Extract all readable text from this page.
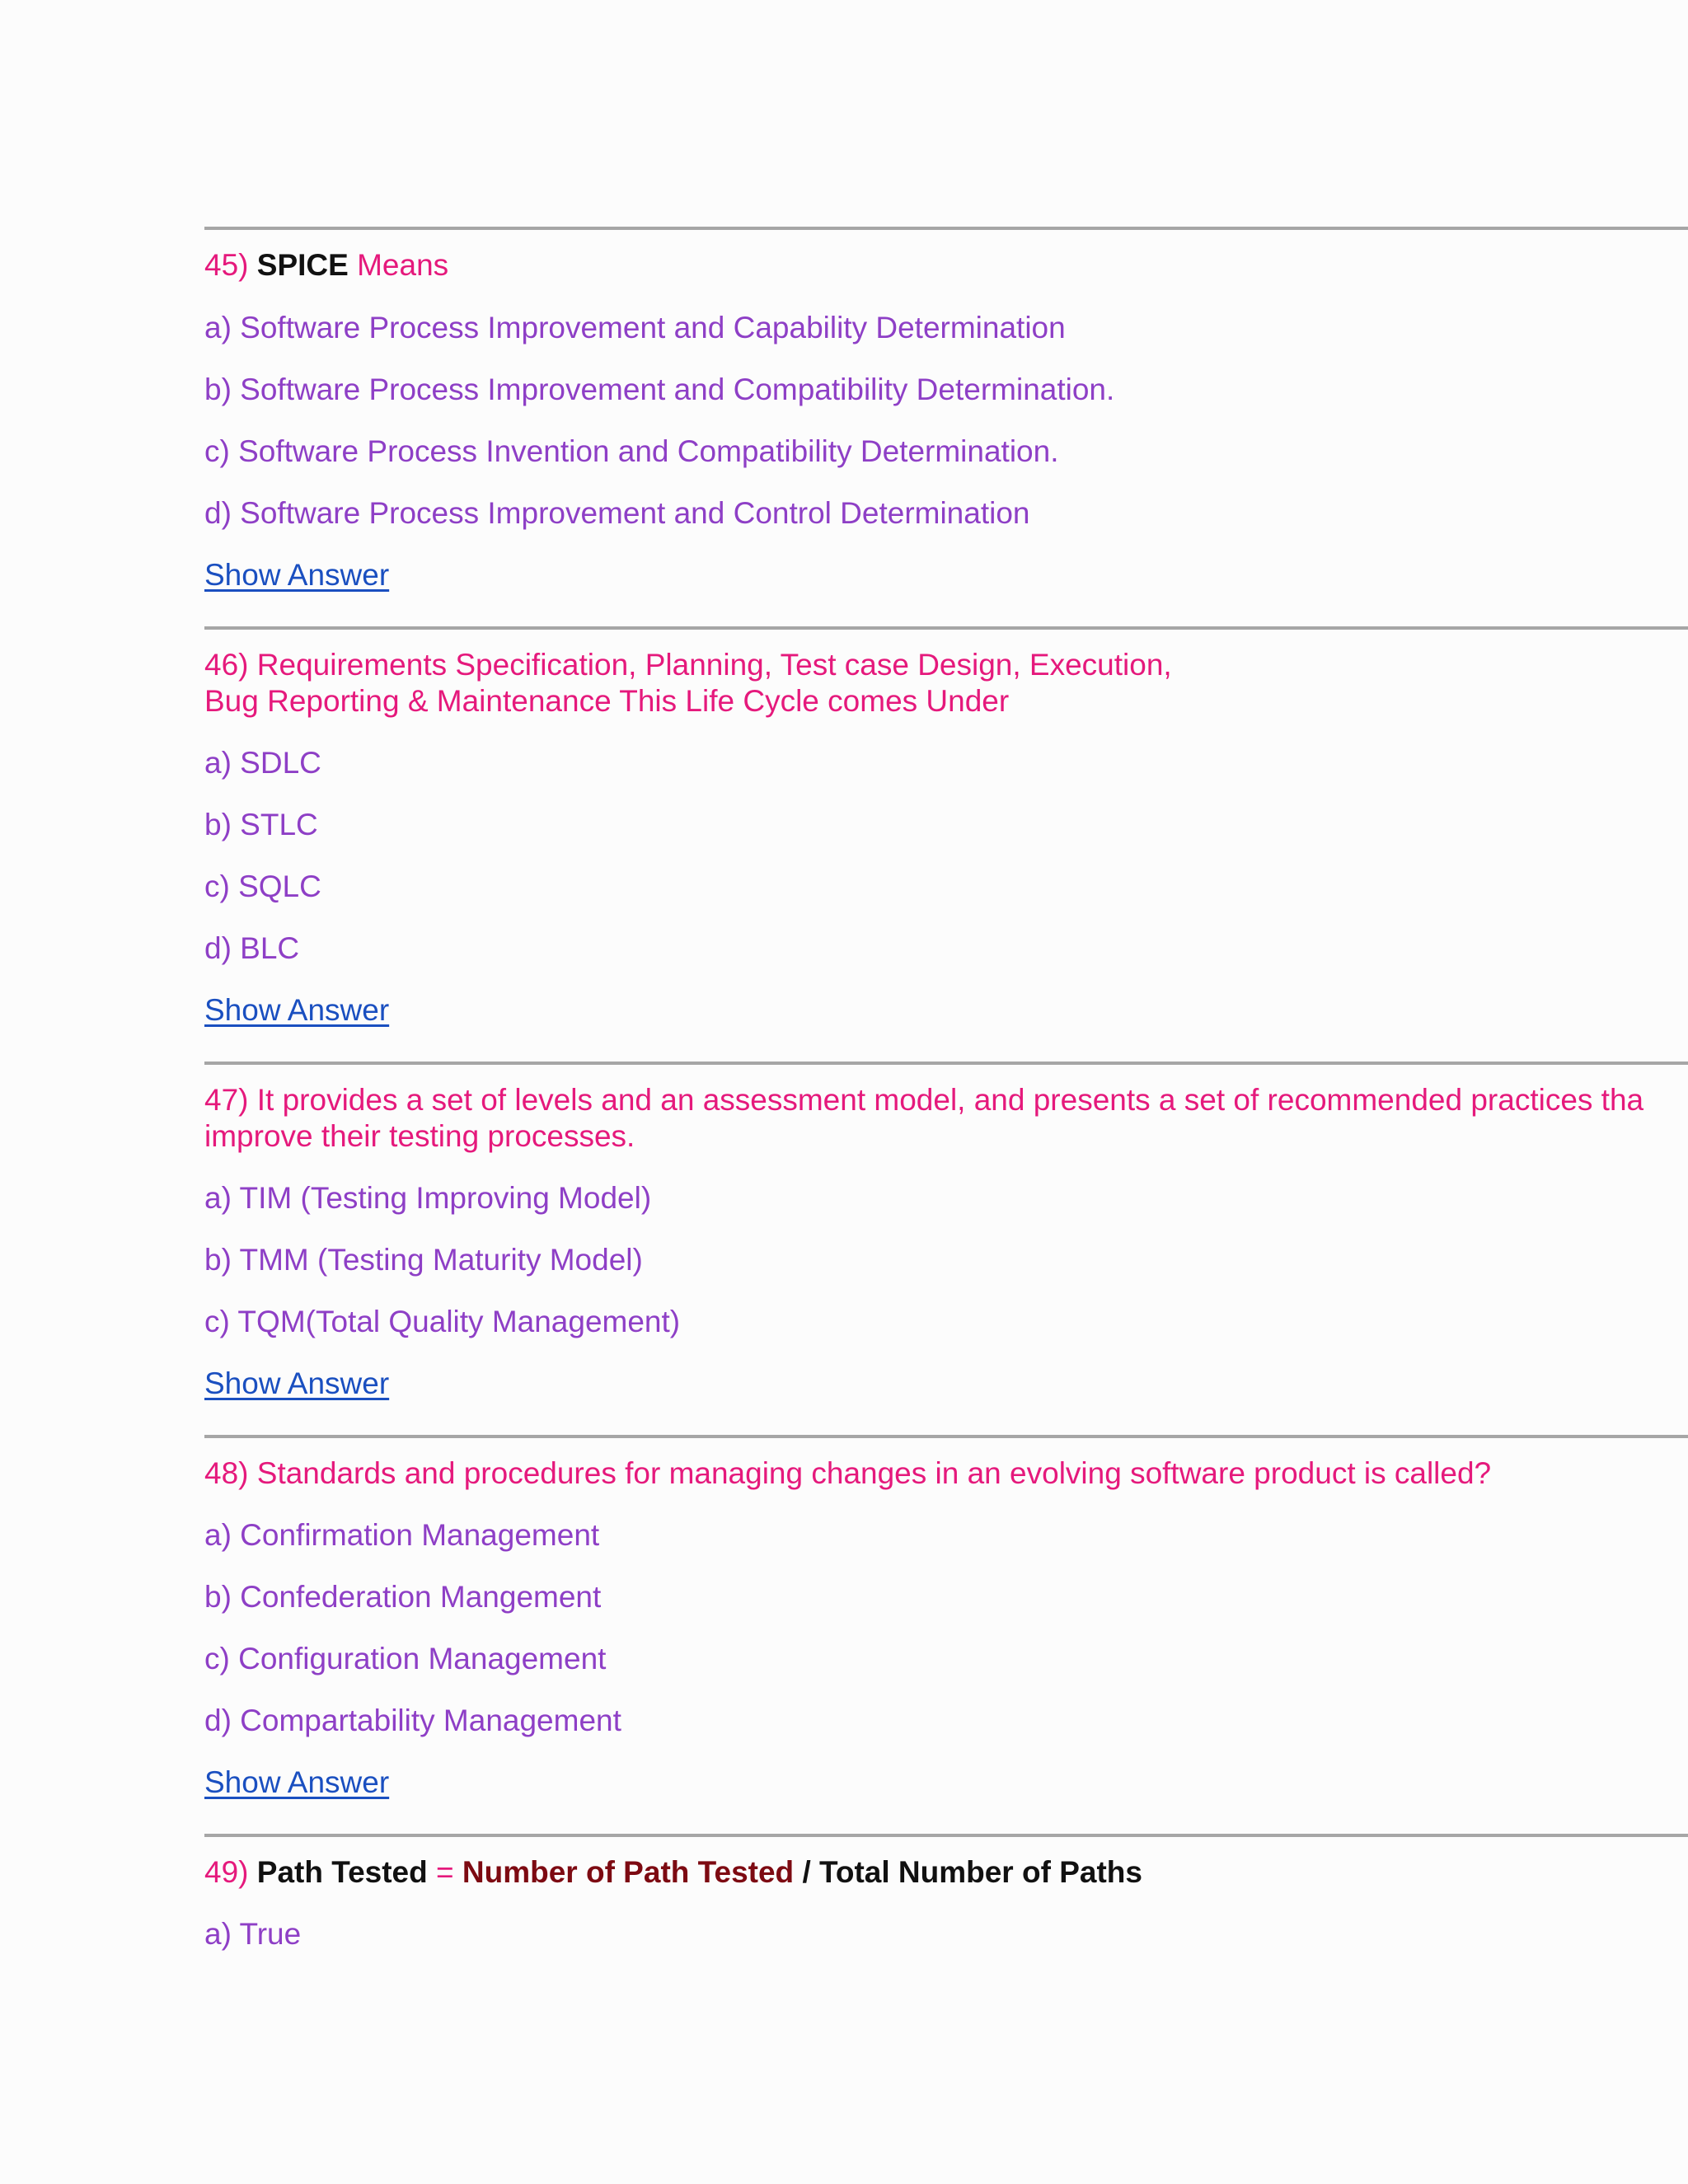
45) SPICE Means
a) Software Process Improvement and Capability Determination
b) Software Process Improvement and Compatibility Determination.
c) Software Process Invention and Compatibility Determination.
d) Software Process Improvement and Control Determination
Show Answer
46) Requirements Specification, Planning, Test case Design, Execution,
Bug Reporting & Maintenance This Life Cycle comes Under
a) SDLC
b) STLC
c) SQLC
d) BLC
Show Answer
47) It provides a set of levels and an assessment model, and presents a set of recommended practices tha
improve their testing processes.
a) TIM (Testing Improving Model)
b) TMM (Testing Maturity Model)
c) TQM(Total Quality Management)
Show Answer
48) Standards and procedures for managing changes in an evolving software product is called?
a) Confirmation Management
b) Confederation Mangement
c) Configuration Management
d) Compartability Management
Show Answer
49) Path Tested = Number of Path Tested / Total Number of Paths
a) True
